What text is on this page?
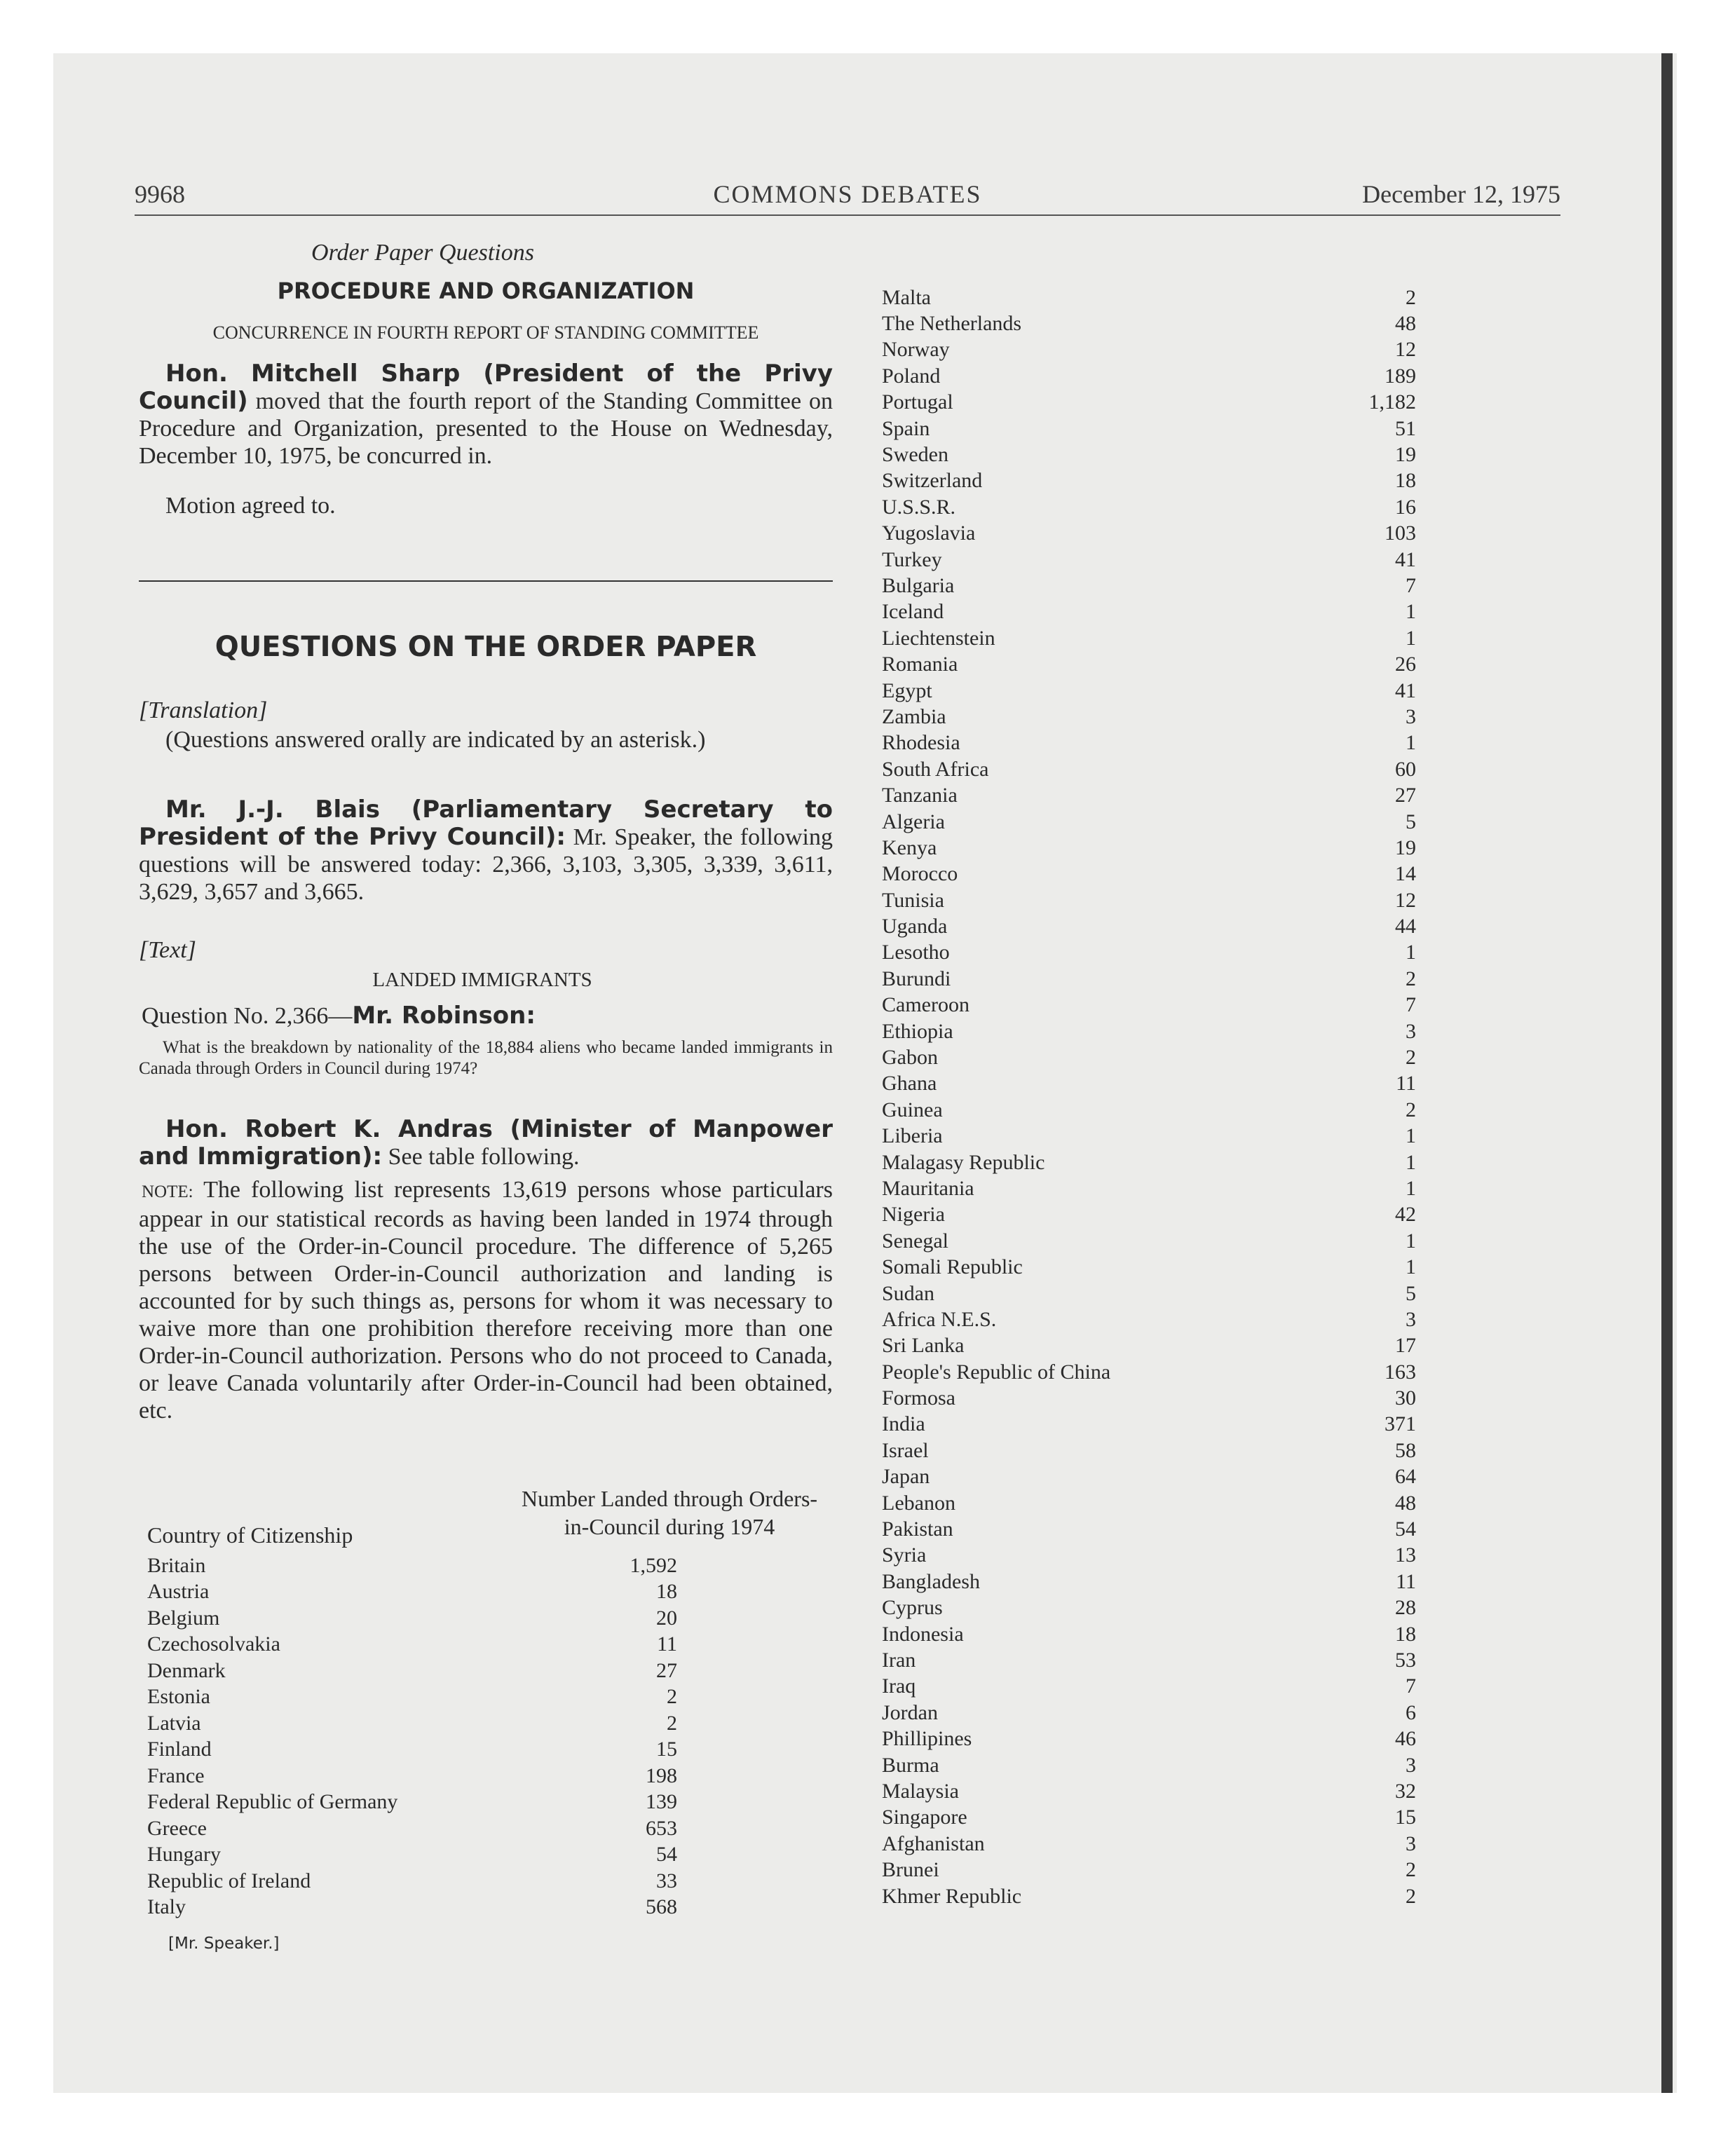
9968	COMMONS DEBATES	December 12, 1975
Order Paper Questions
PROCEDURE AND ORGANIZATION
CONCURRENCE IN FOURTH REPORT OF STANDING COMMITTEE

Hon. Mitchell Sharp (President of the Privy Council) moved that the fourth report of the Standing Committee on Procedure and Organization, presented to the House on Wednesday, December 10, 1975, be concurred in.

Motion agreed to.

QUESTIONS ON THE ORDER PAPER

[Translation]

(Questions answered orally are indicated by an asterisk.)

Mr. J.-J. Blais (Parliamentary Secretary to President of the Privy Council): Mr. Speaker, the following questions will be answered today: 2,366, 3,103, 3,305, 3,339, 3,611, 3,629, 3,657 and 3,665.

[Text]

LANDED IMMIGRANTS

Question No. 2,366—Mr. Robinson:

What is the breakdown by nationality of the 18,884 aliens who became landed immigrants in Canada through Orders in Council during 1974?

Hon. Robert K. Andras (Minister of Manpower and Immigration): See table following.

NOTE: The following list represents 13,619 persons whose particulars appear in our statistical records as having been landed in 1974 through the use of the Order-in-Council procedure. The difference of 5,265 persons between Order-in-Council authorization and landing is accounted for by such things as, persons for whom it was necessary to waive more than one prohibition therefore receiving more than one Order-in-Council authorization. Persons who do not proceed to Canada, or leave Canada voluntarily after Order-in-Council had been obtained, etc.

Country of Citizenship
Number Landed through Orders-
in-Council during 1974
Britain	1,592
Austria	18
Belgium	20
Czechosolvakia	11
Denmark	27
Estonia	2
Latvia	2
Finland	15
France	198
Federal Republic of Germany	139
Greece	653
Hungary	54
Republic of Ireland	33
Italy	568
[Mr. Speaker.]
Malta	2
The Netherlands	48
Norway	12
Poland	189
Portugal	1,182
Spain	51
Sweden	19
Switzerland	18
U.S.S.R.	16
Yugoslavia	103
Turkey	41
Bulgaria	7
Iceland	1
Liechtenstein	1
Romania	26
Egypt	41
Zambia	3
Rhodesia	1
South Africa	60
Tanzania	27
Algeria	5
Kenya	19
Morocco	14
Tunisia	12
Uganda	44
Lesotho	1
Burundi	2
Cameroon	7
Ethiopia	3
Gabon	2
Ghana	11
Guinea	2
Liberia	1
Malagasy Republic	1
Mauritania	1
Nigeria	42
Senegal	1
Somali Republic	1
Sudan	5
Africa N.E.S.	3
Sri Lanka	17
People's Republic of China	163
Formosa	30
India	371
Israel	58
Japan	64
Lebanon	48
Pakistan	54
Syria	13
Bangladesh	11
Cyprus	28
Indonesia	18
Iran	53
Iraq	7
Jordan	6
Phillipines	46
Burma	3
Malaysia	32
Singapore	15
Afghanistan	3
Brunei	2
Khmer Republic	2
